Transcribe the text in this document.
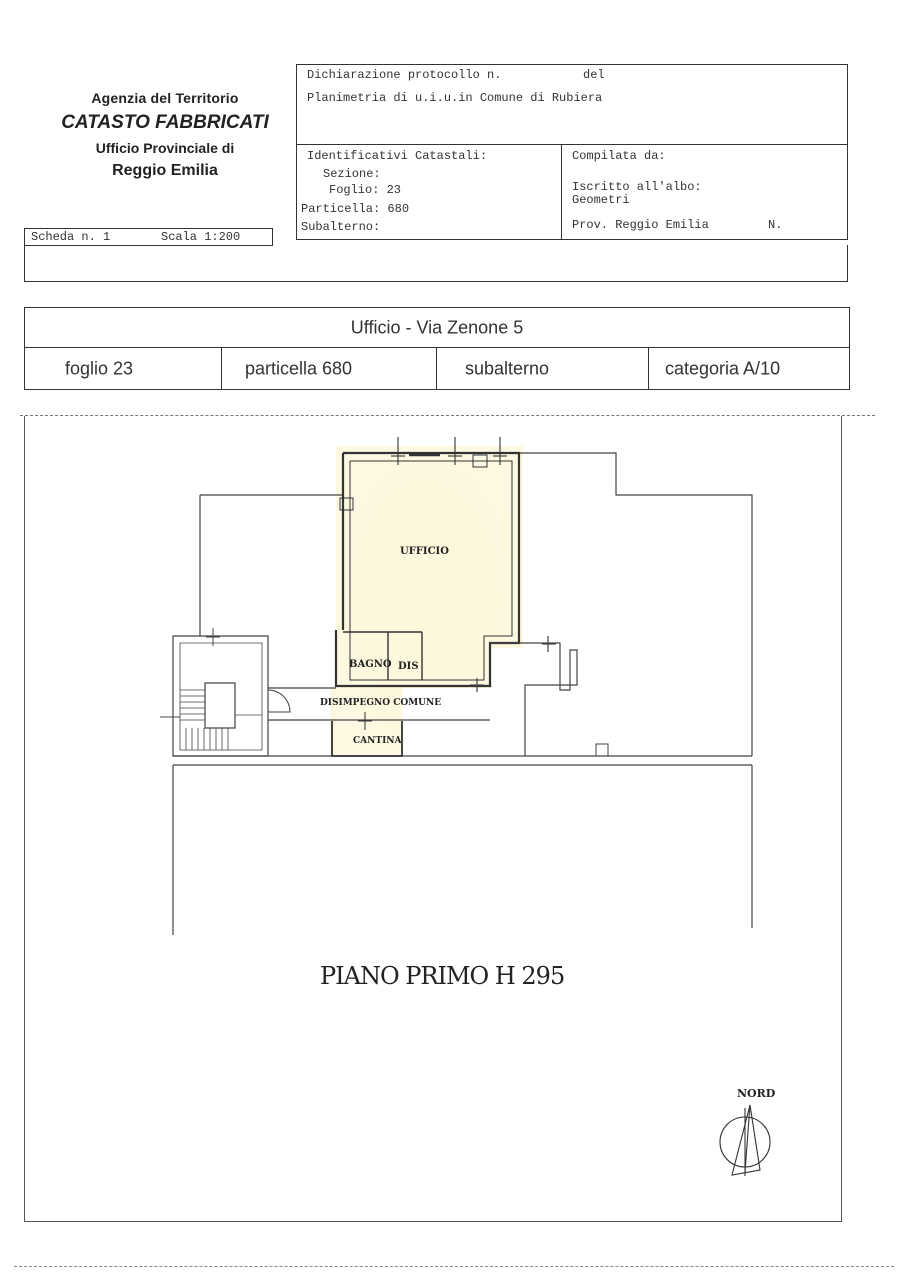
Agenzia del Territorio
CATASTO FABBRICATI
Ufficio Provinciale di
Reggio Emilia
Dichiarazione protocollo n.	del
Planimetria di u.i.u.in Comune di Rubiera
Identificativi Catastali:
Sezione:
Foglio: 23
Particella: 680
Subalterno:
Compilata da:
Iscritto all'albo:
Geometri
Prov. Reggio Emilia	N.
Scheda n. 1	Scala 1:200
Ufficio - Via Zenone 5
foglio 23	particella 680	subalterno	categoria A/10
UFFICIO
BAGNO DIS
DISIMPEGNO COMUNE
CANTINA
PIANO PRIMO H 295
NORD
